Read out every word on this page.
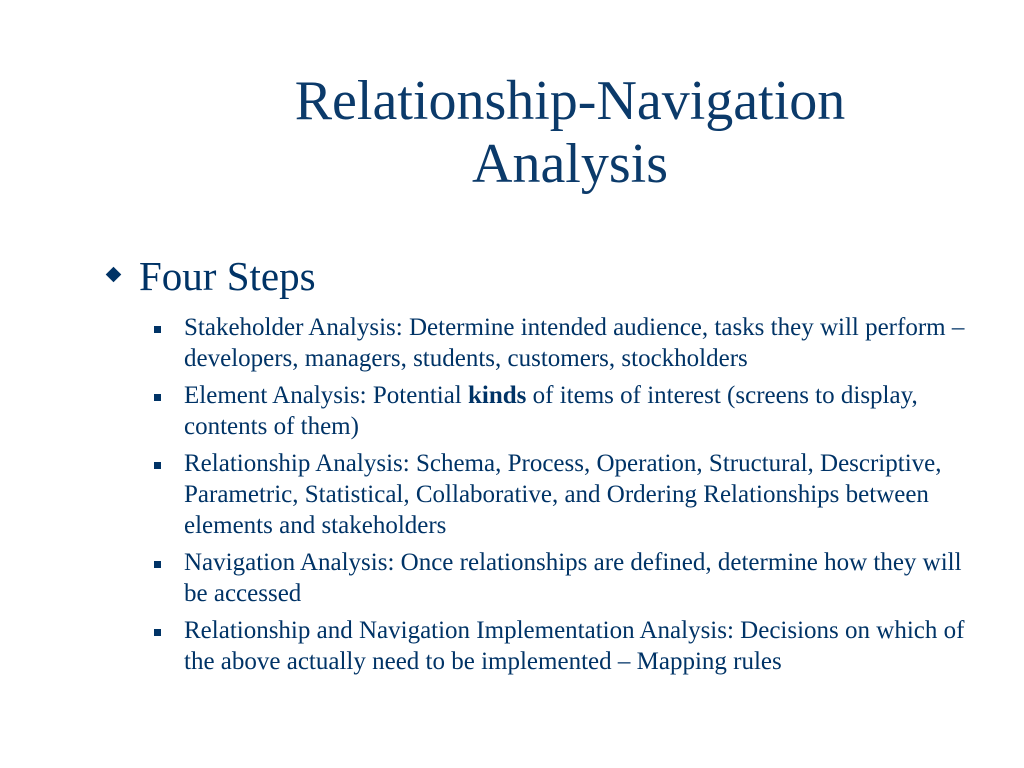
Relationship-Navigation
Analysis
Four Steps
Stakeholder Analysis: Determine intended audience, tasks they will perform – developers, managers, students, customers, stockholders
Element Analysis: Potential kinds of items of interest (screens to display, contents of them)
Relationship Analysis: Schema, Process, Operation, Structural, Descriptive, Parametric, Statistical, Collaborative, and Ordering Relationships between elements and stakeholders
Navigation Analysis: Once relationships are defined, determine how they will be accessed
Relationship and Navigation Implementation Analysis: Decisions on which of the above actually need to be implemented – Mapping rules
